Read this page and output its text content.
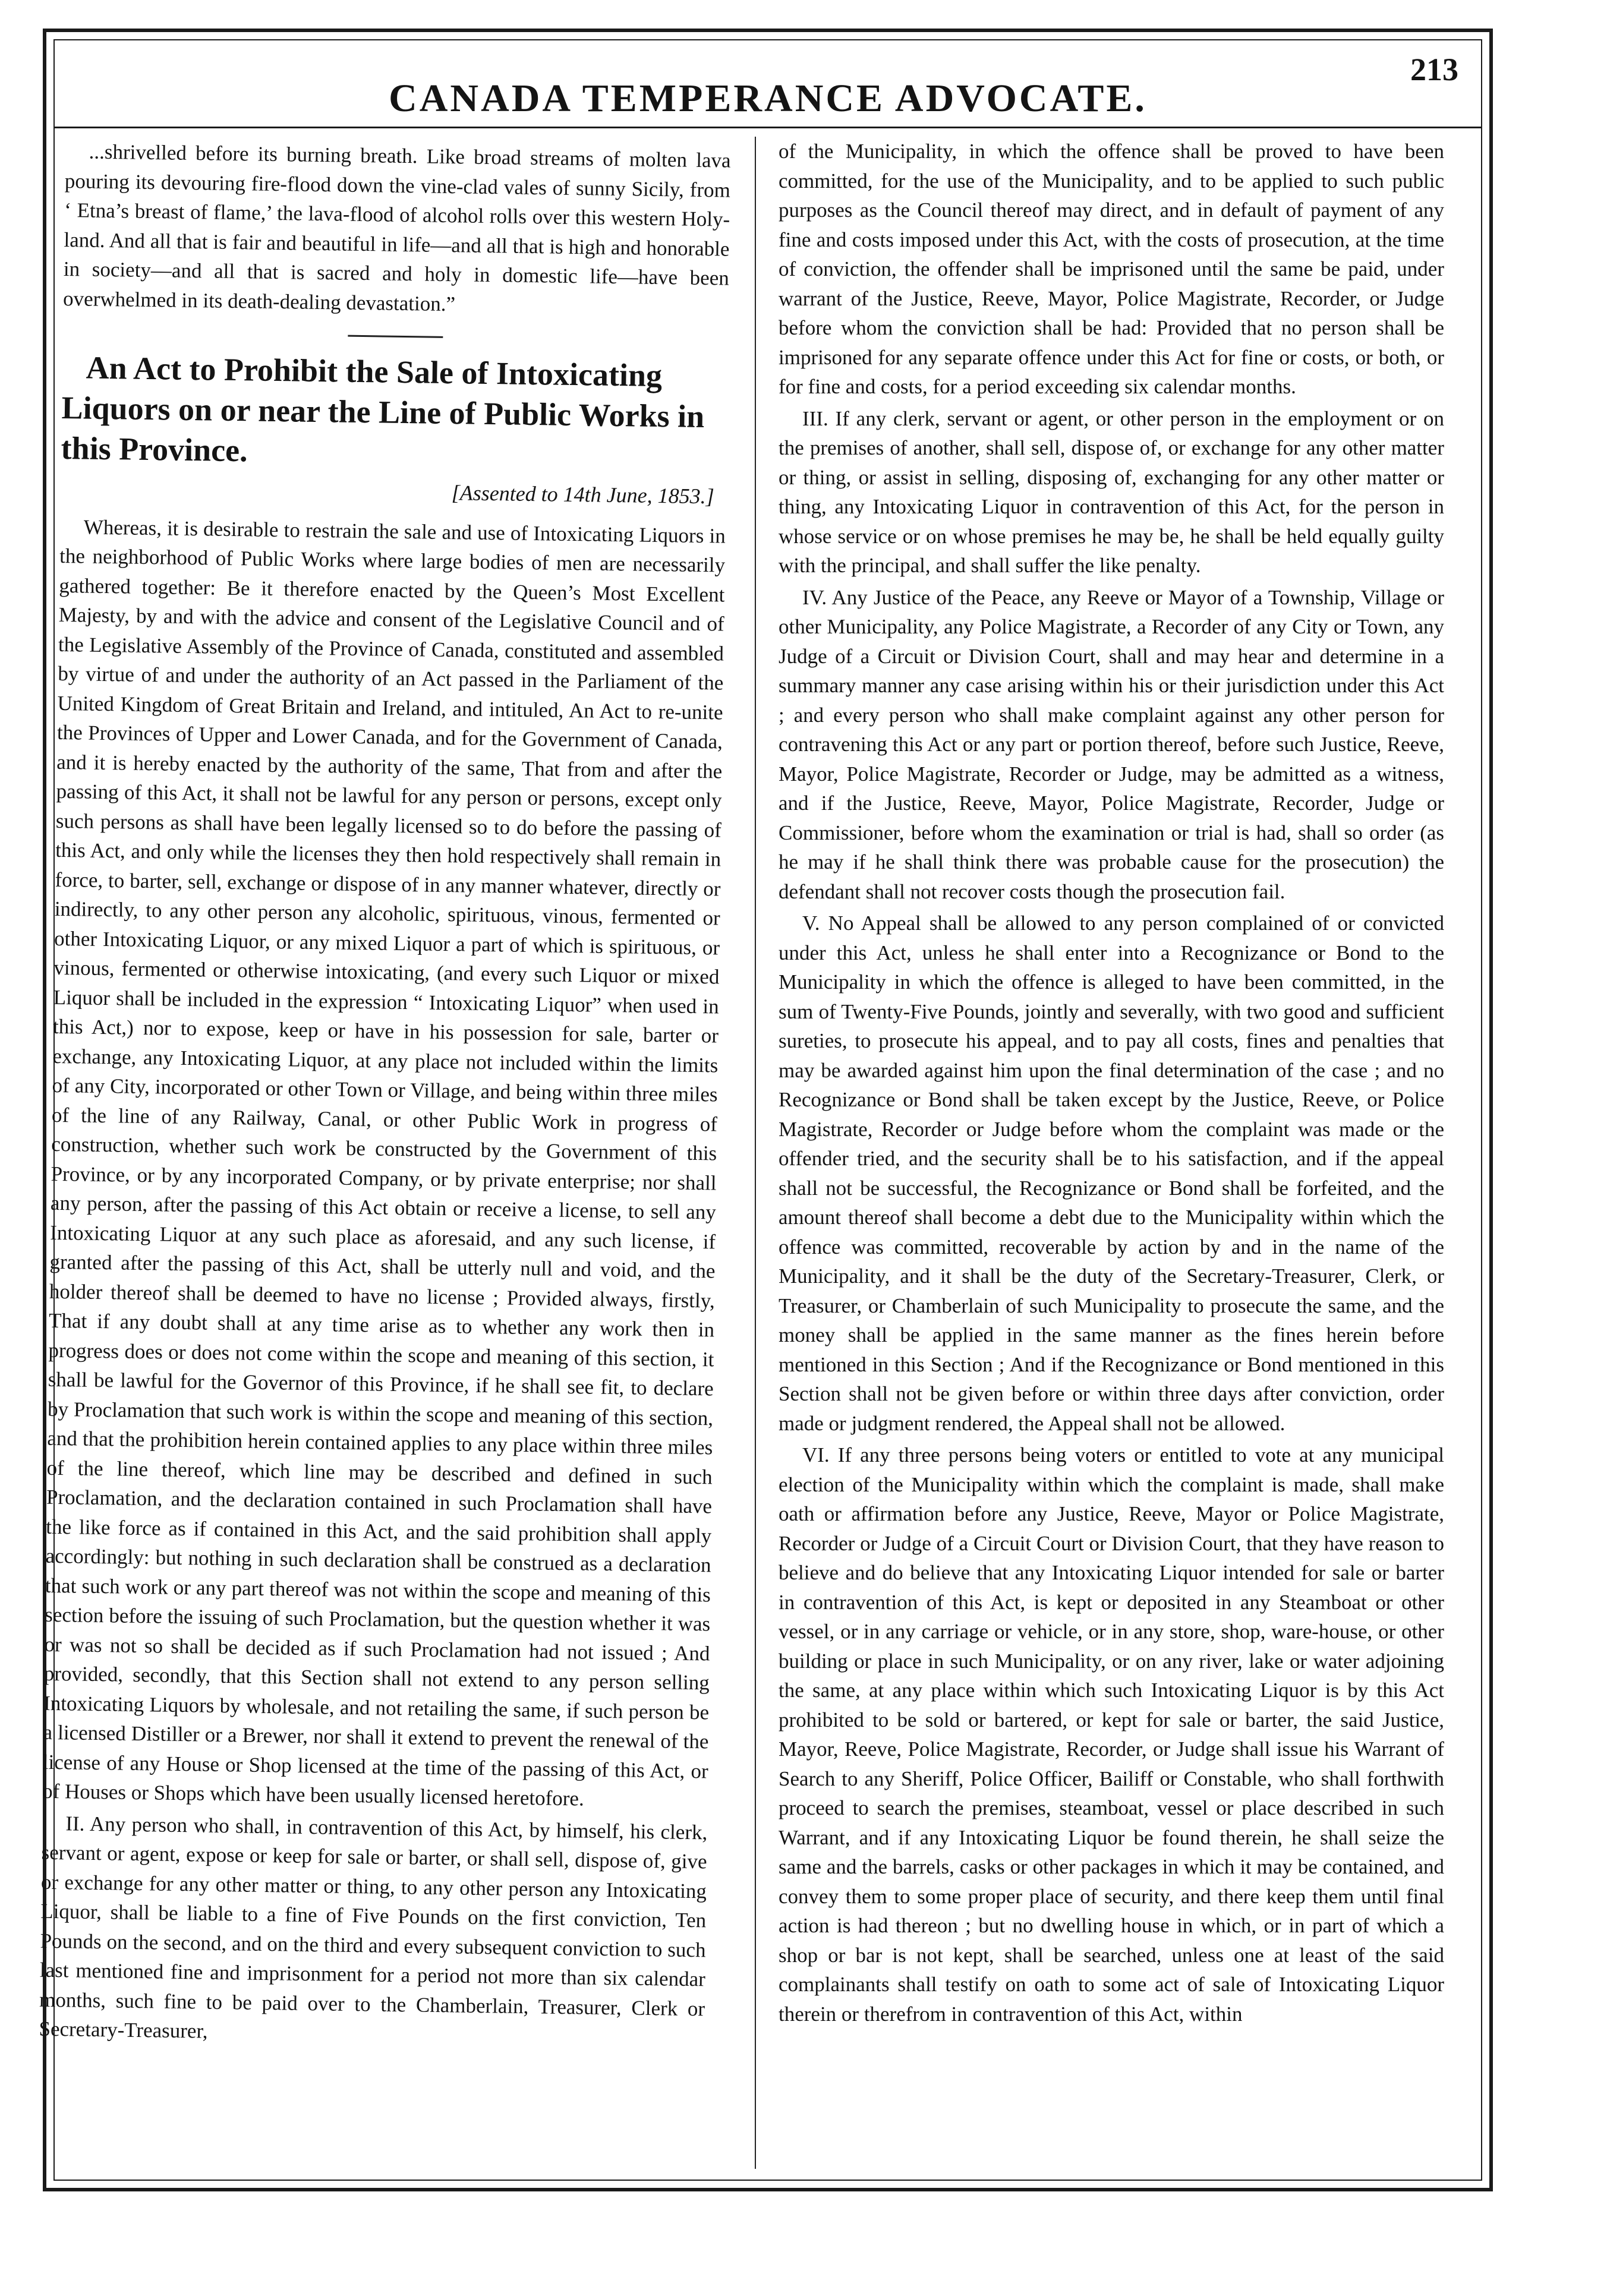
CANADA TEMPERANCE ADVOCATE.
213

...shrivelled before its burning breath. Like broad streams of molten lava pouring its devouring fire-flood down the vine-clad vales of sunny Sicily, from ‘ Etna’s breast of flame,’ the lava-flood of alcohol rolls over this western Holy-land. And all that is fair and beautiful in life—and all that is high and honorable in society—and all that is sacred and holy in domestic life—have been overwhelmed in its death-dealing devastation.”

An Act to Prohibit the Sale of Intoxicating Liquors on or near the Line of Public Works in this Province.

[Assented to 14th June, 1853.]

Whereas, it is desirable to restrain the sale and use of Intoxicating Liquors in the neighborhood of Public Works where large bodies of men are necessarily gathered together: Be it therefore enacted by the Queen’s Most Excellent Majesty, by and with the advice and consent of the Legislative Council and of the Legislative Assembly of the Province of Canada, constituted and assembled by virtue of and under the authority of an Act passed in the Parliament of the United Kingdom of Great Britain and Ireland, and intituled, An Act to re-unite the Provinces of Upper and Lower Canada, and for the Government of Canada, and it is hereby enacted by the authority of the same, That from and after the passing of this Act, it shall not be lawful for any person or persons, except only such persons as shall have been legally licensed so to do before the passing of this Act, and only while the licenses they then hold respectively shall remain in force, to barter, sell, exchange or dispose of in any manner whatever, directly or indirectly, to any other person any alcoholic, spirituous, vinous, fermented or other Intoxicating Liquor, or any mixed Liquor a part of which is spirituous, or vinous, fermented or otherwise intoxicating, (and every such Liquor or mixed Liquor shall be included in the expression “ Intoxicating Liquor” when used in this Act,) nor to expose, keep or have in his possession for sale, barter or exchange, any Intoxicating Liquor, at any place not included within the limits of any City, incorporated or other Town or Village, and being within three miles of the line of any Railway, Canal, or other Public Work in progress of construction, whether such work be constructed by the Government of this Province, or by any incorporated Company, or by private enterprise; nor shall any person, after the passing of this Act obtain or receive a license, to sell any Intoxicating Liquor at any such place as aforesaid, and any such license, if granted after the passing of this Act, shall be utterly null and void, and the holder thereof shall be deemed to have no license ; Provided always, firstly, That if any doubt shall at any time arise as to whether any work then in progress does or does not come within the scope and meaning of this section, it shall be lawful for the Governor of this Province, if he shall see fit, to declare by Proclamation that such work is within the scope and meaning of this section, and that the prohibition herein contained applies to any place within three miles of the line thereof, which line may be described and defined in such Proclamation, and the declaration contained in such Proclamation shall have the like force as if contained in this Act, and the said prohibition shall apply accordingly: but nothing in such declaration shall be construed as a declaration that such work or any part thereof was not within the scope and meaning of this section before the issuing of such Proclamation, but the question whether it was or was not so shall be decided as if such Proclamation had not issued ; And provided, secondly, that this Section shall not extend to any person selling Intoxicating Liquors by wholesale, and not retailing the same, if such person be a licensed Distiller or a Brewer, nor shall it extend to prevent the renewal of the license of any House or Shop licensed at the time of the passing of this Act, or of Houses or Shops which have been usually licensed heretofore.

II. Any person who shall, in contravention of this Act, by himself, his clerk, servant or agent, expose or keep for sale or barter, or shall sell, dispose of, give or exchange for any other matter or thing, to any other person any Intoxicating Liquor, shall be liable to a fine of Five Pounds on the first conviction, Ten Pounds on the second, and on the third and every subsequent conviction to such last mentioned fine and imprisonment for a period not more than six calendar months, such fine to be paid over to the Chamberlain, Treasurer, Clerk or Secretary-Treasurer,

of the Municipality, in which the offence shall be proved to have been committed, for the use of the Municipality, and to be applied to such public purposes as the Council thereof may direct, and in default of payment of any fine and costs imposed under this Act, with the costs of prosecution, at the time of conviction, the offender shall be imprisoned until the same be paid, under warrant of the Justice, Reeve, Mayor, Police Magistrate, Recorder, or Judge before whom the conviction shall be had: Provided that no person shall be imprisoned for any separate offence under this Act for fine or costs, or both, or for fine and costs, for a period exceeding six calendar months.

III. If any clerk, servant or agent, or other person in the employment or on the premises of another, shall sell, dispose of, or exchange for any other matter or thing, or assist in selling, disposing of, exchanging for any other matter or thing, any Intoxicating Liquor in contravention of this Act, for the person in whose service or on whose premises he may be, he shall be held equally guilty with the principal, and shall suffer the like penalty.

IV. Any Justice of the Peace, any Reeve or Mayor of a Township, Village or other Municipality, any Police Magistrate, a Recorder of any City or Town, any Judge of a Circuit or Division Court, shall and may hear and determine in a summary manner any case arising within his or their jurisdiction under this Act ; and every person who shall make complaint against any other person for contravening this Act or any part or portion thereof, before such Justice, Reeve, Mayor, Police Magistrate, Recorder or Judge, may be admitted as a witness, and if the Justice, Reeve, Mayor, Police Magistrate, Recorder, Judge or Commissioner, before whom the examination or trial is had, shall so order (as he may if he shall think there was probable cause for the prosecution) the defendant shall not recover costs though the prosecution fail.

V. No Appeal shall be allowed to any person complained of or convicted under this Act, unless he shall enter into a Recognizance or Bond to the Municipality in which the offence is alleged to have been committed, in the sum of Twenty-Five Pounds, jointly and severally, with two good and sufficient sureties, to prosecute his appeal, and to pay all costs, fines and penalties that may be awarded against him upon the final determination of the case ; and no Recognizance or Bond shall be taken except by the Justice, Reeve, or Police Magistrate, Recorder or Judge before whom the complaint was made or the offender tried, and the security shall be to his satisfaction, and if the appeal shall not be successful, the Recognizance or Bond shall be forfeited, and the amount thereof shall become a debt due to the Municipality within which the offence was committed, recoverable by action by and in the name of the Municipality, and it shall be the duty of the Secretary-Treasurer, Clerk, or Treasurer, or Chamberlain of such Municipality to prosecute the same, and the money shall be applied in the same manner as the fines herein before mentioned in this Section ; And if the Recognizance or Bond mentioned in this Section shall not be given before or within three days after conviction, order made or judgment rendered, the Appeal shall not be allowed.

VI. If any three persons being voters or entitled to vote at any municipal election of the Municipality within which the complaint is made, shall make oath or affirmation before any Justice, Reeve, Mayor or Police Magistrate, Recorder or Judge of a Circuit Court or Division Court, that they have reason to believe and do believe that any Intoxicating Liquor intended for sale or barter in contravention of this Act, is kept or deposited in any Steamboat or other vessel, or in any carriage or vehicle, or in any store, shop, ware-house, or other building or place in such Municipality, or on any river, lake or water adjoining the same, at any place within which such Intoxicating Liquor is by this Act prohibited to be sold or bartered, or kept for sale or barter, the said Justice, Mayor, Reeve, Police Magistrate, Recorder, or Judge shall issue his Warrant of Search to any Sheriff, Police Officer, Bailiff or Constable, who shall forthwith proceed to search the premises, steamboat, vessel or place described in such Warrant, and if any Intoxicating Liquor be found therein, he shall seize the same and the barrels, casks or other packages in which it may be contained, and convey them to some proper place of security, and there keep them until final action is had thereon ; but no dwelling house in which, or in part of which a shop or bar is not kept, shall be searched, unless one at least of the said complainants shall testify on oath to some act of sale of Intoxicating Liquor therein or therefrom in contravention of this Act, within
